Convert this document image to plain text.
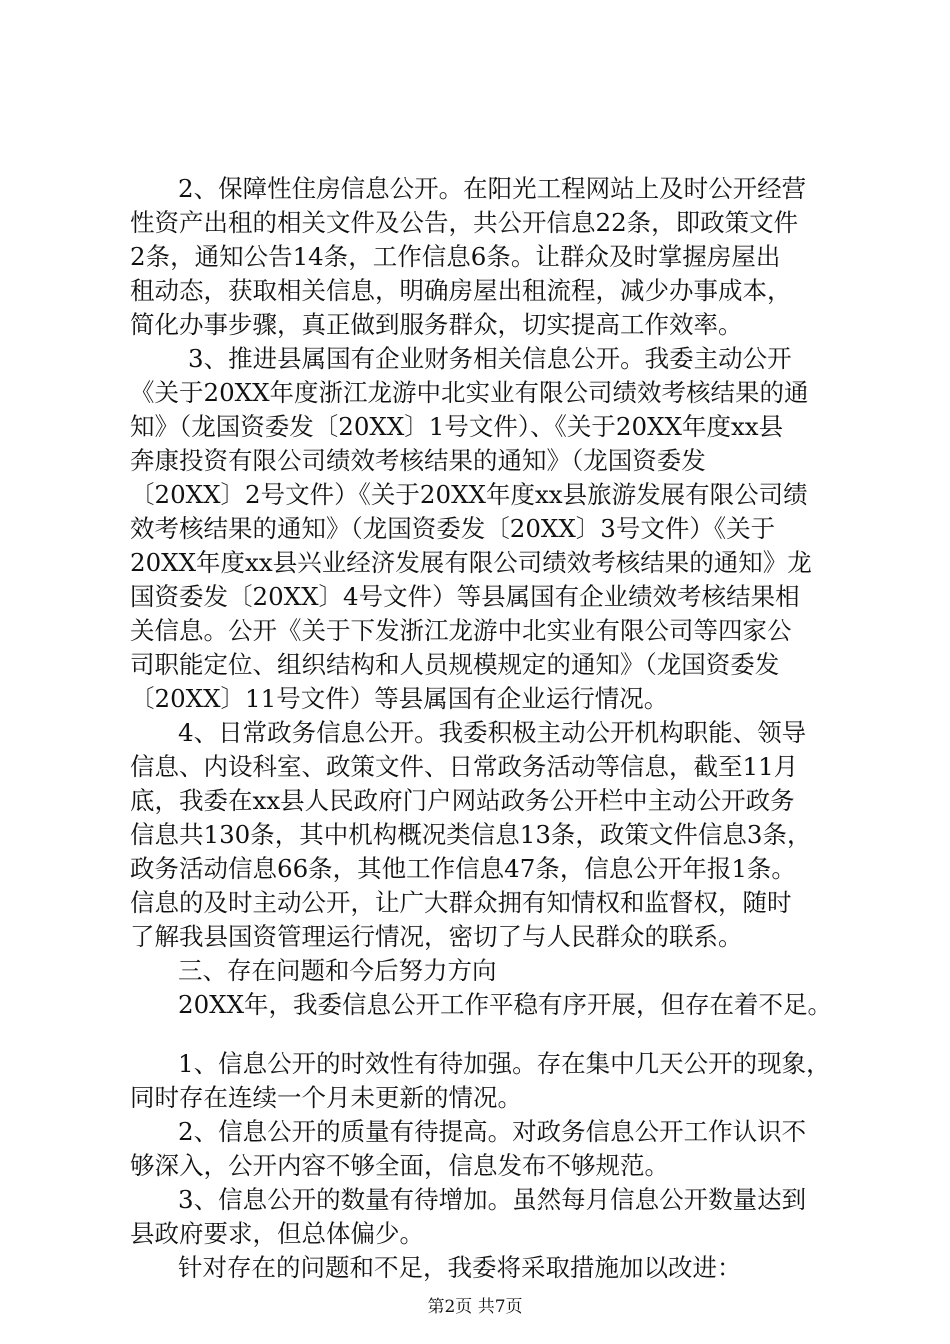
2、保障性住房信息公开。在阳光工程网站上及时公开经营

性资产出租的相关文件及公告，共公开信息22条，即政策文件

2条，通知公告14条，工作信息6条。让群众及时掌握房屋出

租动态，获取相关信息，明确房屋出租流程，减少办事成本，

简化办事步骤，真正做到服务群众，切实提高工作效率。

3、推进县属国有企业财务相关信息公开。我委主动公开

《关于20XX年度浙江龙游中北实业有限公司绩效考核结果的通

知》（龙国资委发〔20XX〕1号文件）、《关于20XX年度xx县

奔康投资有限公司绩效考核结果的通知》（龙国资委发

〔20XX〕2号文件）《关于20XX年度xx县旅游发展有限公司绩

效考核结果的通知》（龙国资委发〔20XX〕3号文件）《关于

20XX年度xx县兴业经济发展有限公司绩效考核结果的通知》龙

国资委发〔20XX〕4号文件）等县属国有企业绩效考核结果相

关信息。公开《关于下发浙江龙游中北实业有限公司等四家公

司职能定位、组织结构和人员规模规定的通知》（龙国资委发

〔20XX〕11号文件）等县属国有企业运行情况。

4、日常政务信息公开。我委积极主动公开机构职能、领导

信息、内设科室、政策文件、日常政务活动等信息，截至11月

底，我委在xx县人民政府门户网站政务公开栏中主动公开政务

信息共130条，其中机构概况类信息13条，政策文件信息3条，

政务活动信息66条，其他工作信息47条，信息公开年报1条。

信息的及时主动公开，让广大群众拥有知情权和监督权，随时

了解我县国资管理运行情况，密切了与人民群众的联系。

三、存在问题和今后努力方向

20XX年，我委信息公开工作平稳有序开展，但存在着不足。

1、信息公开的时效性有待加强。存在集中几天公开的现象，

同时存在连续一个月未更新的情况。

2、信息公开的质量有待提高。对政务信息公开工作认识不

够深入，公开内容不够全面，信息发布不够规范。

3、信息公开的数量有待增加。虽然每月信息公开数量达到

县政府要求，但总体偏少。

针对存在的问题和不足，我委将采取措施加以改进：

第2页 共7页
